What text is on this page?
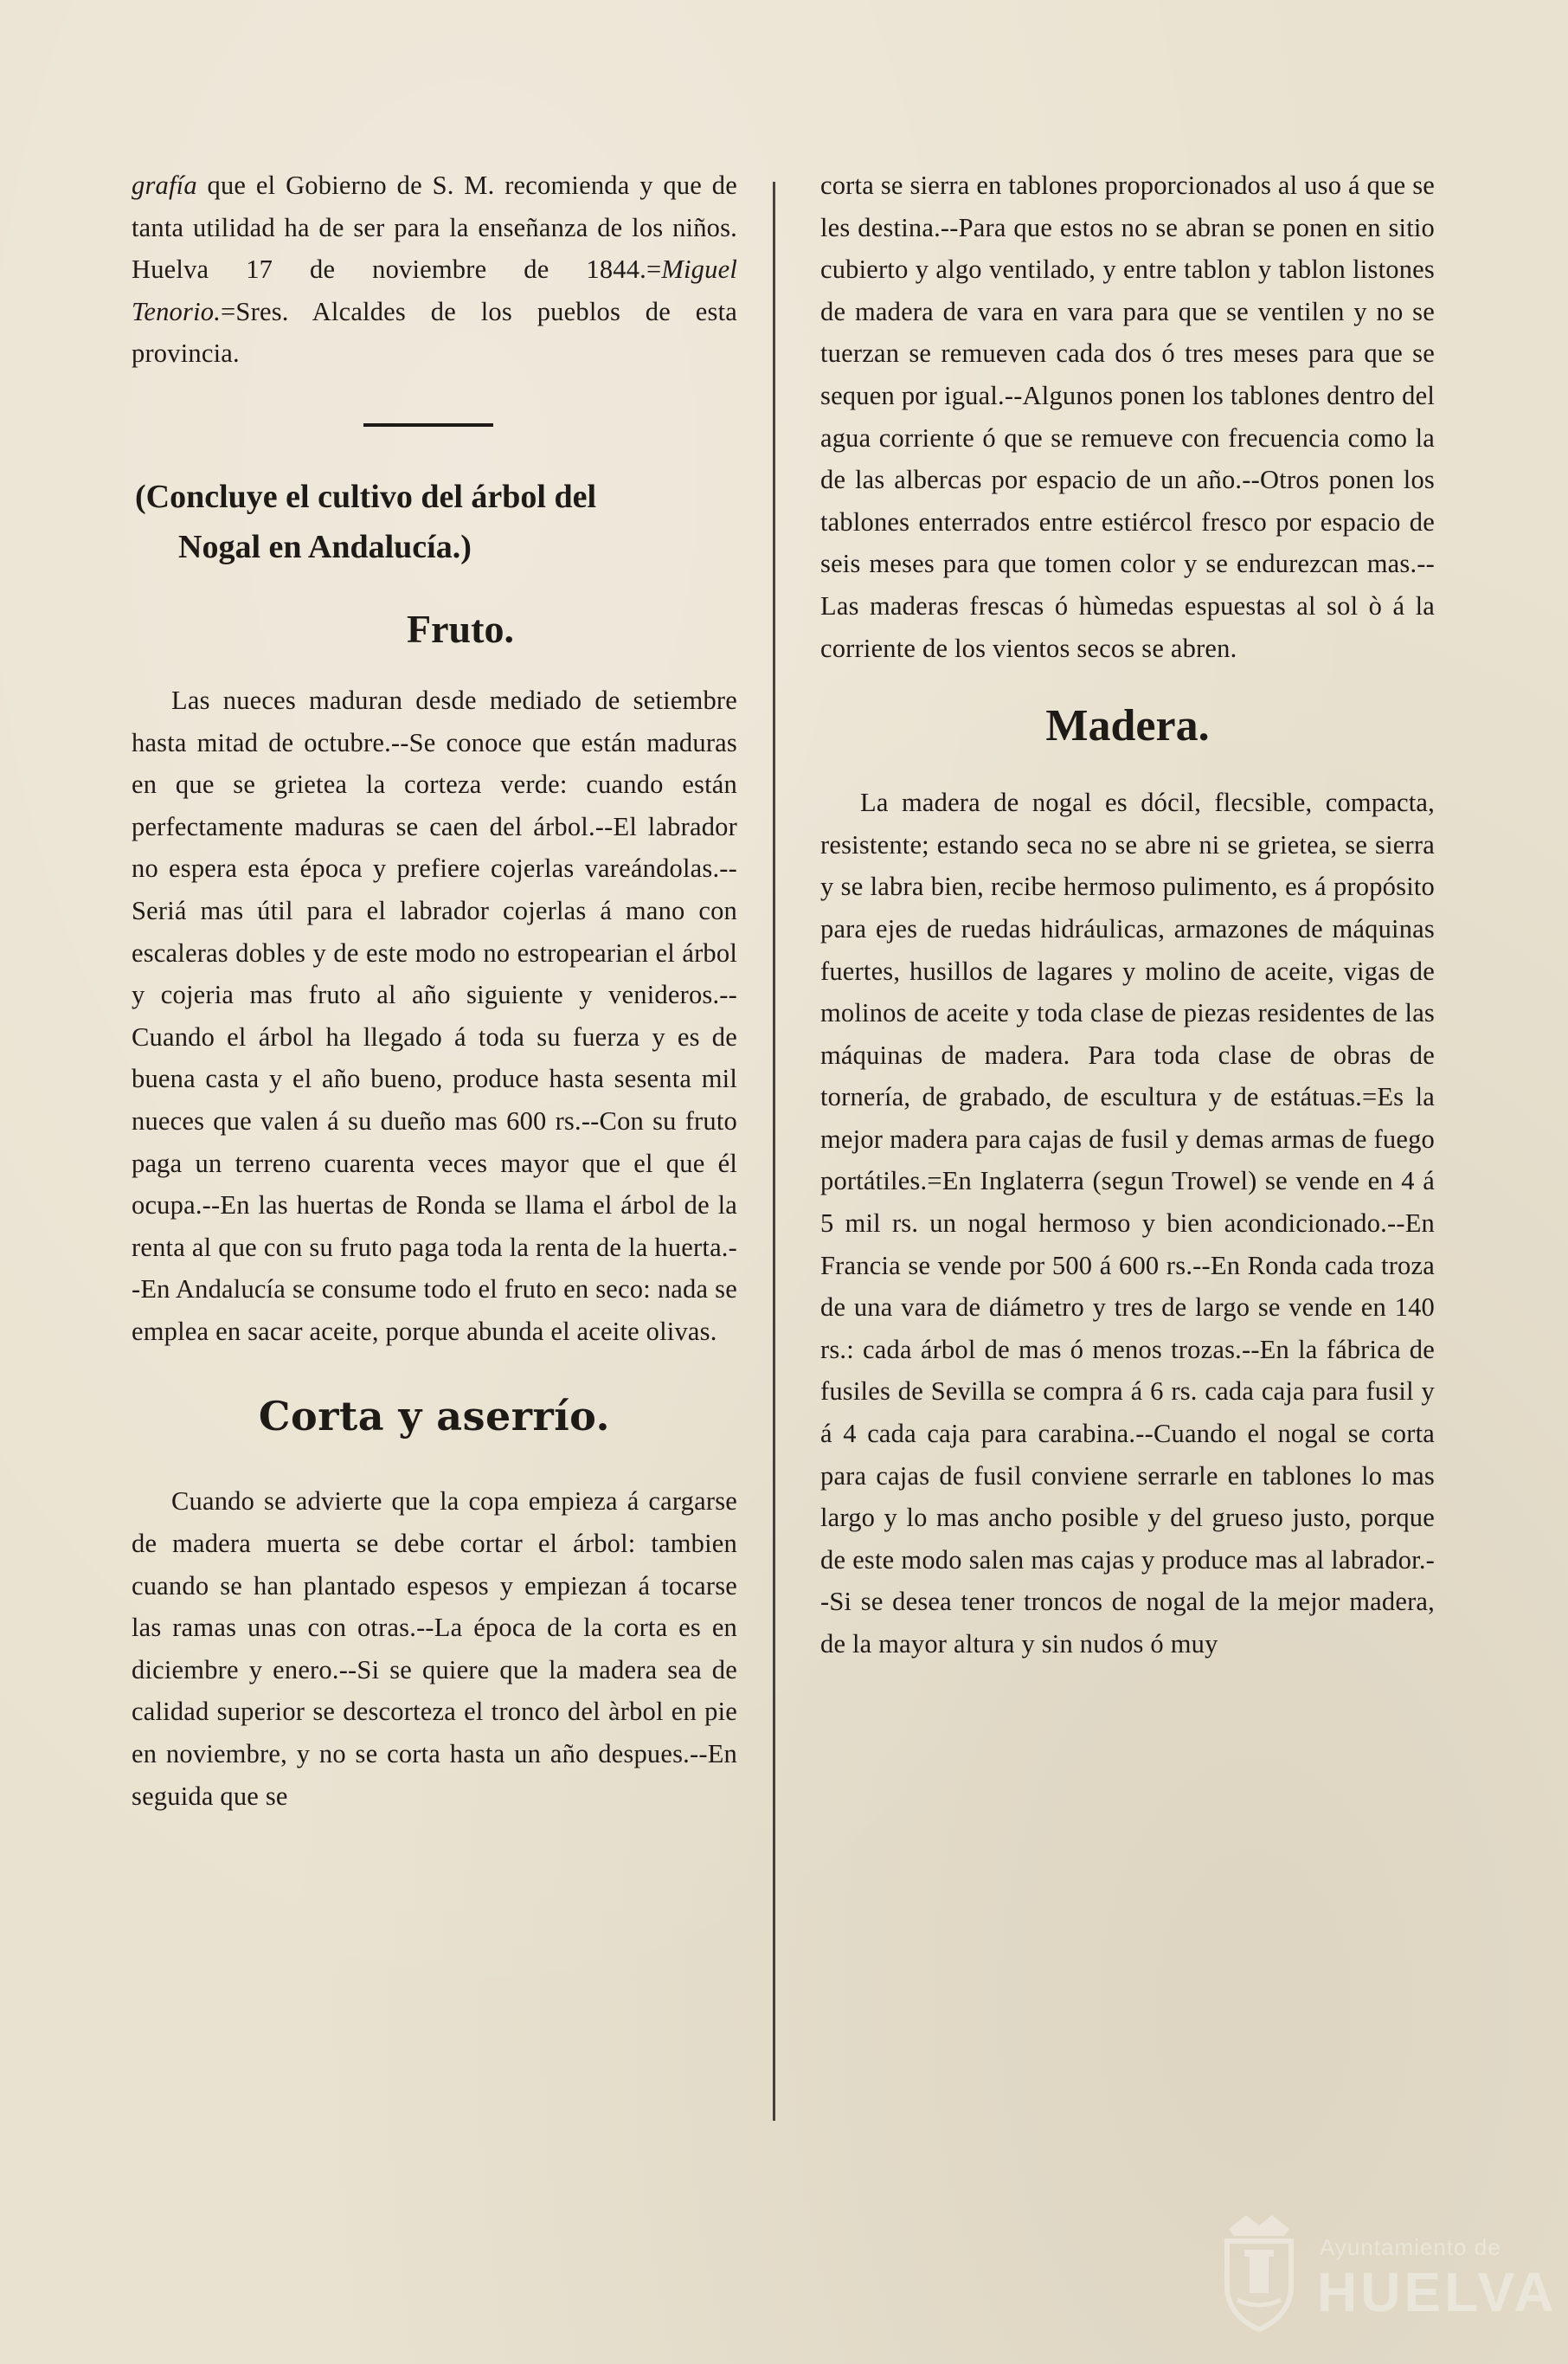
grafía que el Gobierno de S. M. recomienda y que de tanta utilidad ha de ser para la enseñanza de los niños. Huelva 17 de noviembre de 1844.=Miguel Tenorio.=Sres. Alcaldes de los pueblos de esta provincia.

(Concluye el cultivo del árbol del
Nogal en Andalucía.)
Fruto.

Las nueces maduran desde mediado de setiembre hasta mitad de octubre.--Se conoce que están maduras en que se grietea la corteza verde: cuando están perfectamente maduras se caen del árbol.--El labrador no espera esta época y prefiere cojerlas vareándolas.--Seriá mas útil para el labrador cojerlas á mano con escaleras dobles y de este modo no estropearian el árbol y cojeria mas fruto al año siguiente y venideros.--Cuando el árbol ha llegado á toda su fuerza y es de buena casta y el año bueno, produce hasta sesenta mil nueces que valen á su dueño mas 600 rs.--Con su fruto paga un terreno cuarenta veces mayor que el que él ocupa.--En las huertas de Ronda se llama el árbol de la renta al que con su fruto paga toda la renta de la huerta.--En Andalucía se consume todo el fruto en seco: nada se emplea en sacar aceite, porque abunda el aceite olivas.

Corta y aserrío.

Cuando se advierte que la copa empieza á cargarse de madera muerta se debe cortar el árbol: tambien cuando se han plantado espesos y empiezan á tocarse las ramas unas con otras.--La época de la corta es en diciembre y enero.--Si se quiere que la madera sea de calidad superior se descorteza el tronco del àrbol en pie en noviembre, y no se corta hasta un año despues.--En seguida que se

corta se sierra en tablones proporcionados al uso á que se les destina.--Para que estos no se abran se ponen en sitio cubierto y algo ventilado, y entre tablon y tablon listones de madera de vara en vara para que se ventilen y no se tuerzan se remueven cada dos ó tres meses para que se sequen por igual.--Algunos ponen los tablones dentro del agua corriente ó que se remueve con frecuencia como la de las albercas por espacio de un año.--Otros ponen los tablones enterrados entre estiércol fresco por espacio de seis meses para que tomen color y se endurezcan mas.--Las maderas frescas ó hùmedas espuestas al sol ò á la corriente de los vientos secos se abren.

Madera.

La madera de nogal es dócil, flecsible, compacta, resistente; estando seca no se abre ni se grietea, se sierra y se labra bien, recibe hermoso pulimento, es á propósito para ejes de ruedas hidráulicas, armazones de máquinas fuertes, husillos de lagares y molino de aceite, vigas de molinos de aceite y toda clase de piezas residentes de las máquinas de madera. Para toda clase de obras de tornería, de grabado, de escultura y de estátuas.=Es la mejor madera para cajas de fusil y demas armas de fuego portátiles.=En Inglaterra (segun Trowel) se vende en 4 á 5 mil rs. un nogal hermoso y bien acondicionado.--En Francia se vende por 500 á 600 rs.--En Ronda cada troza de una vara de diámetro y tres de largo se vende en 140 rs.: cada árbol de mas ó menos trozas.--En la fábrica de fusiles de Sevilla se compra á 6 rs. cada caja para fusil y á 4 cada caja para carabina.--Cuando el nogal se corta para cajas de fusil conviene serrarle en tablones lo mas largo y lo mas ancho posible y del grueso justo, porque de este modo salen mas cajas y produce mas al labrador.--Si se desea tener troncos de nogal de la mejor madera, de la mayor altura y sin nudos ó muy

Ayuntamiento de
HUELVA
